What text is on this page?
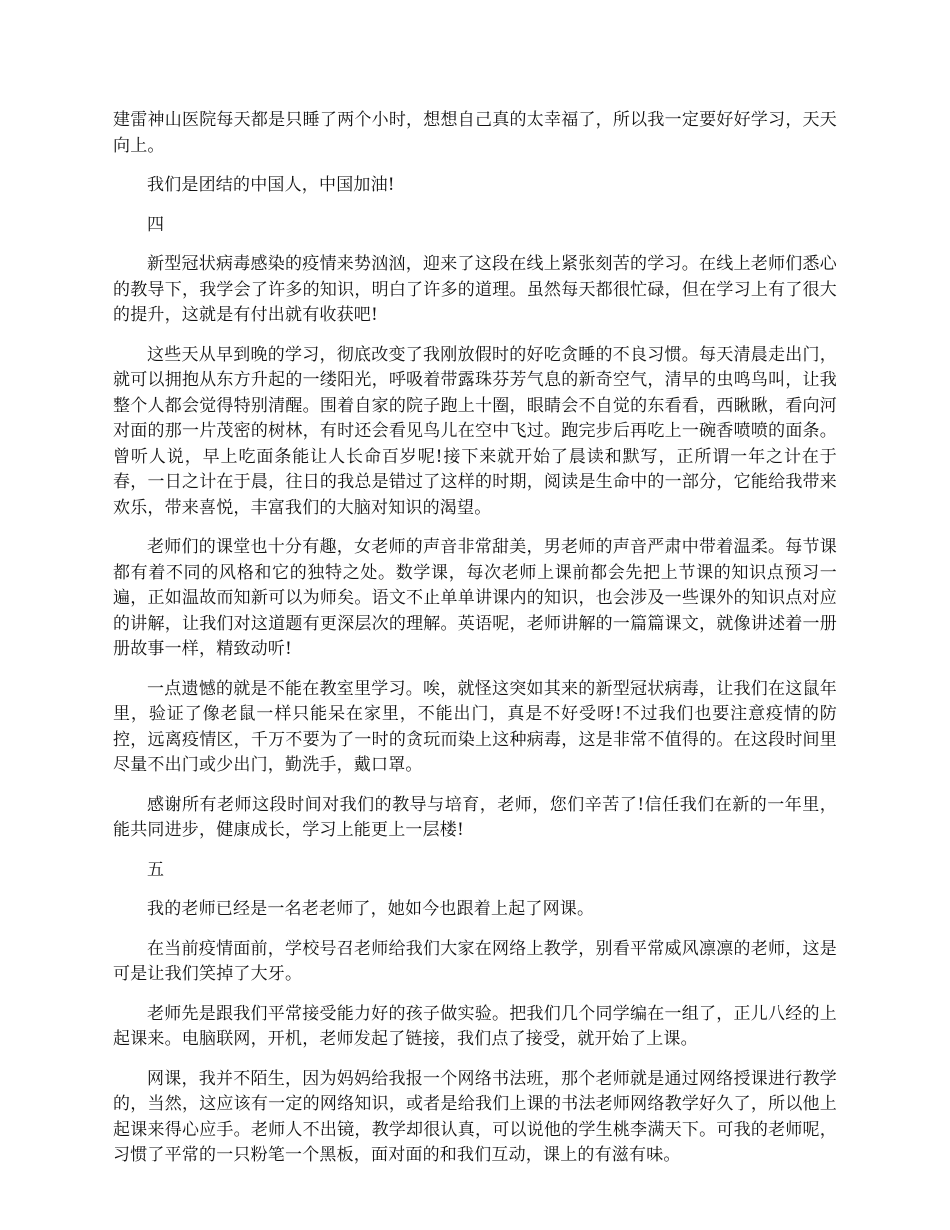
建雷神山医院每天都是只睡了两个小时，想想自己真的太幸福了，所以我一定要好好学习，天天向上。

我们是团结的中国人，中国加油!

四

新型冠状病毒感染的疫情来势汹汹，迎来了这段在线上紧张刻苦的学习。在线上老师们悉心的教导下，我学会了许多的知识，明白了许多的道理。虽然每天都很忙碌，但在学习上有了很大的提升，这就是有付出就有收获吧!

这些天从早到晚的学习，彻底改变了我刚放假时的好吃贪睡的不良习惯。每天清晨走出门，就可以拥抱从东方升起的一缕阳光，呼吸着带露珠芬芳气息的新奇空气，清早的虫鸣鸟叫，让我整个人都会觉得特别清醒。围着自家的院子跑上十圈，眼睛会不自觉的东看看，西瞅瞅，看向河对面的那一片茂密的树林，有时还会看见鸟儿在空中飞过。跑完步后再吃上一碗香喷喷的面条。曾听人说，早上吃面条能让人长命百岁呢!接下来就开始了晨读和默写，正所谓一年之计在于春，一日之计在于晨，往日的我总是错过了这样的时期，阅读是生命中的一部分，它能给我带来欢乐，带来喜悦，丰富我们的大脑对知识的渴望。

老师们的课堂也十分有趣，女老师的声音非常甜美，男老师的声音严肃中带着温柔。每节课都有着不同的风格和它的独特之处。数学课，每次老师上课前都会先把上节课的知识点预习一遍，正如温故而知新可以为师矣。语文不止单单讲课内的知识，也会涉及一些课外的知识点对应的讲解，让我们对这道题有更深层次的理解。英语呢，老师讲解的一篇篇课文，就像讲述着一册册故事一样，精致动听!

一点遗憾的就是不能在教室里学习。唉，就怪这突如其来的新型冠状病毒，让我们在这鼠年里，验证了像老鼠一样只能呆在家里，不能出门，真是不好受呀!不过我们也要注意疫情的防控，远离疫情区，千万不要为了一时的贪玩而染上这种病毒，这是非常不值得的。在这段时间里尽量不出门或少出门，勤洗手，戴口罩。

感谢所有老师这段时间对我们的教导与培育，老师，您们辛苦了!信任我们在新的一年里，能共同进步，健康成长，学习上能更上一层楼!

五

我的老师已经是一名老老师了，她如今也跟着上起了网课。

在当前疫情面前，学校号召老师给我们大家在网络上教学，别看平常威风凛凛的老师，这是可是让我们笑掉了大牙。

老师先是跟我们平常接受能力好的孩子做实验。把我们几个同学编在一组了，正儿八经的上起课来。电脑联网，开机，老师发起了链接，我们点了接受，就开始了上课。

网课，我并不陌生，因为妈妈给我报一个网络书法班，那个老师就是通过网络授课进行教学的，当然，这应该有一定的网络知识，或者是给我们上课的书法老师网络教学好久了，所以他上起课来得心应手。老师人不出镜，教学却很认真，可以说他的学生桃李满天下。可我的老师呢，习惯了平常的一只粉笔一个黑板，面对面的和我们互动，课上的有滋有味。
